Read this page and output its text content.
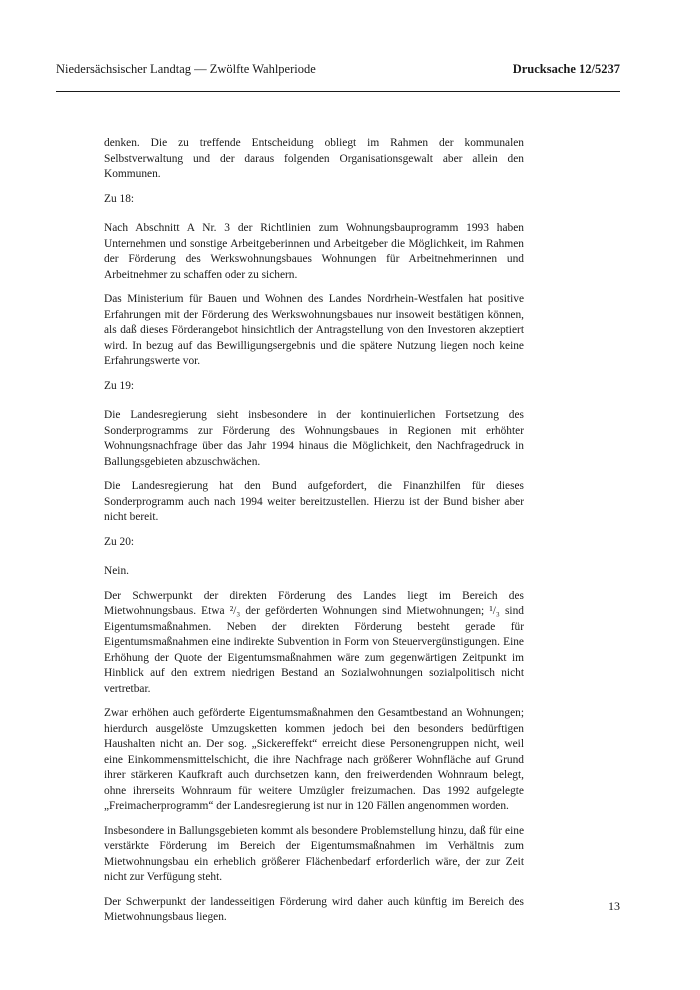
Niedersächsischer Landtag — Zwölfte Wahlperiode	Drucksache 12/5237

denken. Die zu treffende Entscheidung obliegt im Rahmen der kommunalen Selbstverwaltung und der daraus folgenden Organisationsgewalt aber allein den Kommunen.

Zu 18:

Nach Abschnitt A Nr. 3 der Richtlinien zum Wohnungsbauprogramm 1993 haben Unternehmen und sonstige Arbeitgeberinnen und Arbeitgeber die Möglichkeit, im Rahmen der Förderung des Werkswohnungsbaues Wohnungen für Arbeitnehmerinnen und Arbeitnehmer zu schaffen oder zu sichern.

Das Ministerium für Bauen und Wohnen des Landes Nordrhein-Westfalen hat positive Erfahrungen mit der Förderung des Werkswohnungsbaues nur insoweit bestätigen können, als daß dieses Förderangebot hinsichtlich der Antragstellung von den Investoren akzeptiert wird. In bezug auf das Bewilligungsergebnis und die spätere Nutzung liegen noch keine Erfahrungswerte vor.

Zu 19:

Die Landesregierung sieht insbesondere in der kontinuierlichen Fortsetzung des Sonderprogramms zur Förderung des Wohnungsbaues in Regionen mit erhöhter Wohnungsnachfrage über das Jahr 1994 hinaus die Möglichkeit, den Nachfragedruck in Ballungsgebieten abzuschwächen.

Die Landesregierung hat den Bund aufgefordert, die Finanzhilfen für dieses Sonderprogramm auch nach 1994 weiter bereitzustellen. Hierzu ist der Bund bisher aber nicht bereit.

Zu 20:

Nein.

Der Schwerpunkt der direkten Förderung des Landes liegt im Bereich des Mietwohnungsbaus. Etwa ²/₃ der geförderten Wohnungen sind Mietwohnungen; ¹/₃ sind Eigentumsmaßnahmen. Neben der direkten Förderung besteht gerade für Eigentumsmaßnahmen eine indirekte Subvention in Form von Steuervergünstigungen. Eine Erhöhung der Quote der Eigentumsmaßnahmen wäre zum gegenwärtigen Zeitpunkt im Hinblick auf den extrem niedrigen Bestand an Sozialwohnungen sozialpolitisch nicht vertretbar.

Zwar erhöhen auch geförderte Eigentumsmaßnahmen den Gesamtbestand an Wohnungen; hierdurch ausgelöste Umzugsketten kommen jedoch bei den besonders bedürftigen Haushalten nicht an. Der sog. „Sickereffekt“ erreicht diese Personengruppen nicht, weil eine Einkommensmittelschicht, die ihre Nachfrage nach größerer Wohnfläche auf Grund ihrer stärkeren Kaufkraft auch durchsetzen kann, den freiwerdenden Wohnraum belegt, ohne ihrerseits Wohnraum für weitere Umzügler freizumachen. Das 1992 aufgelegte „Freimacherprogramm“ der Landesregierung ist nur in 120 Fällen angenommen worden.

Insbesondere in Ballungsgebieten kommt als besondere Problemstellung hinzu, daß für eine verstärkte Förderung im Bereich der Eigentumsmaßnahmen im Verhältnis zum Mietwohnungsbau ein erheblich größerer Flächenbedarf erforderlich wäre, der zur Zeit nicht zur Verfügung steht.

Der Schwerpunkt der landesseitigen Förderung wird daher auch künftig im Bereich des Mietwohnungsbaus liegen.

13
